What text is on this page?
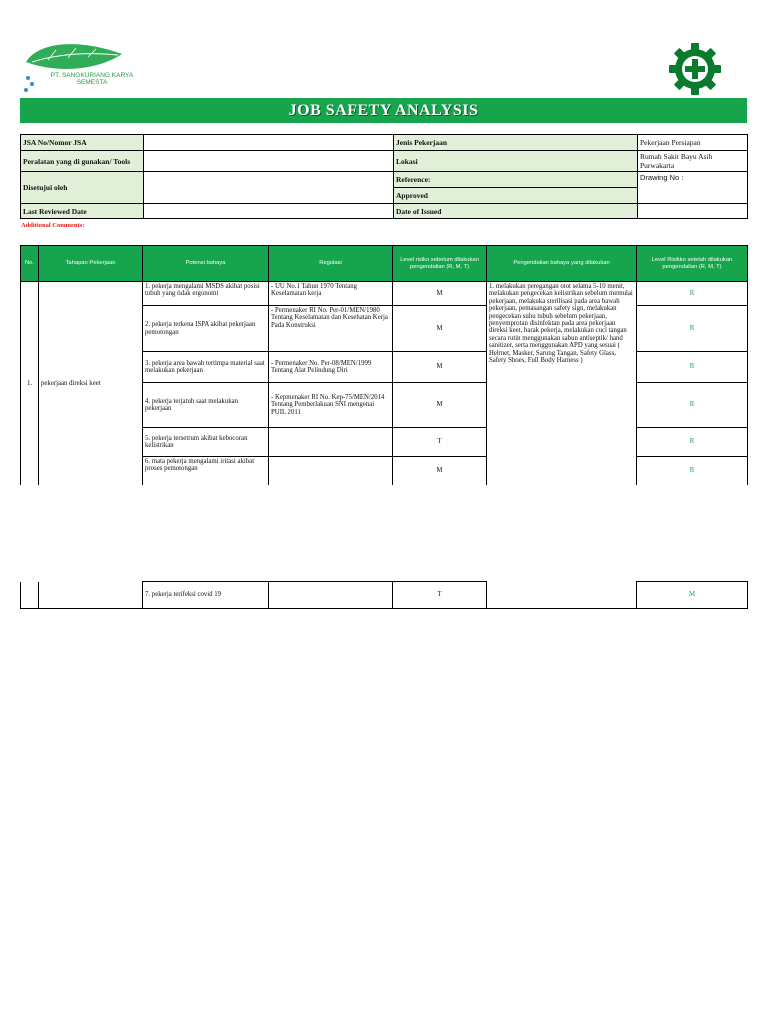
PT. SANGKURIANG KARYA
SEMESTA
JOB SAFETY ANALYSIS
JSA No/Nomor JSA		Jenis Pekerjaan	Pekerjaan Persiapan
Peralatan yang di gunakan/ Tools		Lokasi	Rumah Sakit Bayu Asih Purwakarta
Disetujui oleh		Reference:	Drawing No :
		Approved	
Last Reviewed Date		Date of Issued	
Additional Comments:
No.	Tahapan Pekerjaan	Potensi bahaya	Regulasi	Level risiko sebelum dilakukan pengendalian (R, M, T)	Pengendalian bahaya yang dilakukan	Level Risikko setelah dilakukan pengendalian (R, M, T)
1.	pekerjaan direksi keet	1. pekerja mengalami MSDS akibat posisi tubuh yang tidak ergonomi	- UU No.1 Tahun 1970 Tentang Keselamatan kerja	M	1. melakukan peregangan otot selama 5-10 menit, melakukan pengecekan kelistrikan sebelum memulai pekerjaan, melakuka sterilisasi pada area bawah pekerjaan, pemasangan safety sign, melakukan pengecekan suhu tubuh sebelum pekerjaan, penyemprotan disinfektan pada area pekerjaan direksi keet, barak pekerja, melakukan cuci tangan secara rutin menggunakan sabun antiseptik/ hand sanitizer, serta menggunakan APD yang sesuai ( Helmet, Masker, Sarung Tangan, Safety Glass, Safety Shoes, Full Body Harness )	R
		2. pekerja terkena ISPA akibat pekerjaan pemotongan	- Permenaker RI No. Per-01/MEN/1980 Tentang Keselamatan dan Kesehatan Kerja Pada Konstruksi	M		R
		3. pekerja area bawah tertimpa material saat melakukan pekerjaan	- Permenaker No. Per-08/MEN/1999 Tentang Alat Pelindung Diri	M		R
		4. pekerja terjatuh saat melakukan pekerjaan	- Kepmenaker RI No. Kep-75/MEN/2014 Tentang Pemberlakuan SNI mengenai PUIL 2011	M		R
		5. pekerja tersetrum akibat kebocoran kelistrikan		T		R
		6. mata pekerja mengalami iritasi akibat proses pemotongan		M		R
		7. pekerja terifeksi covid 19		T		M
